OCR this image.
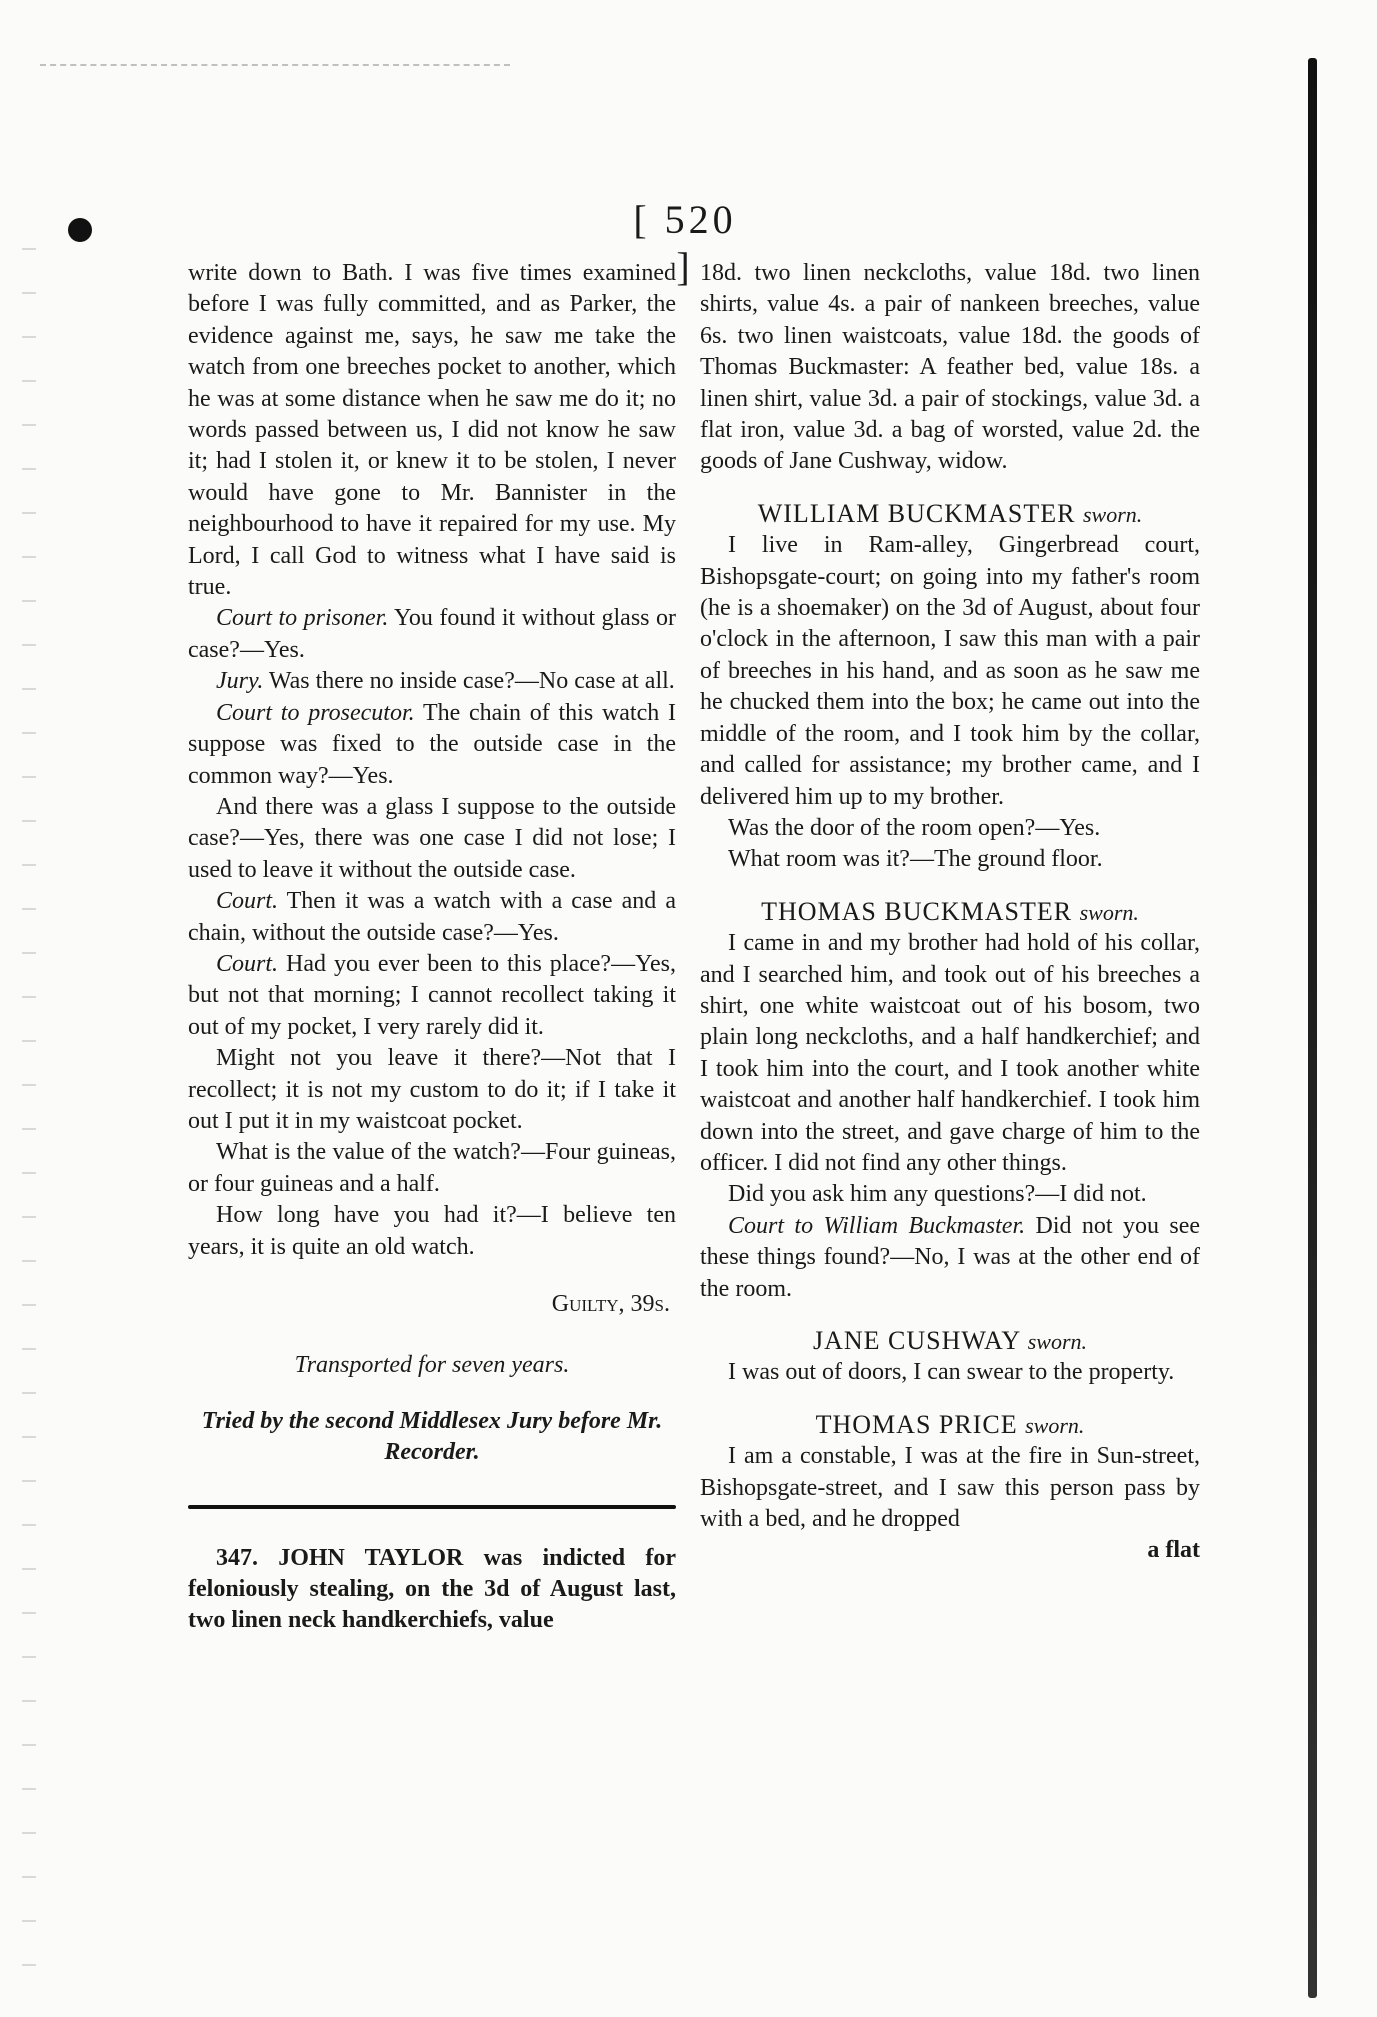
[ 520 ]

write down to Bath. I was five times examined before I was fully committed, and as Parker, the evidence against me, says, he saw me take the watch from one breeches pocket to another, which he was at some distance when he saw me do it; no words passed between us, I did not know he saw it; had I stolen it, or knew it to be stolen, I never would have gone to Mr. Bannister in the neighbourhood to have it repaired for my use. My Lord, I call God to witness what I have said is true.

Court to prisoner. You found it without glass or case?—Yes.

Jury. Was there no inside case?—No case at all.

Court to prosecutor. The chain of this watch I suppose was fixed to the outside case in the common way?—Yes.

And there was a glass I suppose to the outside case?—Yes, there was one case I did not lose; I used to leave it without the outside case.

Court. Then it was a watch with a case and a chain, without the outside case?—Yes.

Court. Had you ever been to this place?—Yes, but not that morning; I cannot recollect taking it out of my pocket, I very rarely did it.

Might not you leave it there?—Not that I recollect; it is not my custom to do it; if I take it out I put it in my waistcoat pocket.

What is the value of the watch?—Four guineas, or four guineas and a half.

How long have you had it?—I believe ten years, it is quite an old watch.

Guilty, 39s.

Transported for seven years.

Tried by the second Middlesex Jury before Mr. Recorder.

347. JOHN TAYLOR was indicted for feloniously stealing, on the 3d of August last, two linen neck handkerchiefs, value

18d. two linen neckcloths, value 18d. two linen shirts, value 4s. a pair of nankeen breeches, value 6s. two linen waistcoats, value 18d. the goods of Thomas Buckmaster: A feather bed, value 18s. a linen shirt, value 3d. a pair of stockings, value 3d. a flat iron, value 3d. a bag of worsted, value 2d. the goods of Jane Cushway, widow.

WILLIAM BUCKMASTER sworn.

I live in Ram-alley, Gingerbread court, Bishopsgate-court; on going into my father's room (he is a shoemaker) on the 3d of August, about four o'clock in the afternoon, I saw this man with a pair of breeches in his hand, and as soon as he saw me he chucked them into the box; he came out into the middle of the room, and I took him by the collar, and called for assistance; my brother came, and I delivered him up to my brother.

Was the door of the room open?—Yes.

What room was it?—The ground floor.

THOMAS BUCKMASTER sworn.

I came in and my brother had hold of his collar, and I searched him, and took out of his breeches a shirt, one white waistcoat out of his bosom, two plain long neckcloths, and a half handkerchief; and I took him into the court, and I took another white waistcoat and another half handkerchief. I took him down into the street, and gave charge of him to the officer. I did not find any other things.

Did you ask him any questions?—I did not.

Court to William Buckmaster. Did not you see these things found?—No, I was at the other end of the room.

JANE CUSHWAY sworn.

I was out of doors, I can swear to the property.

THOMAS PRICE sworn.

I am a constable, I was at the fire in Sun-street, Bishopsgate-street, and I saw this person pass by with a bed, and he dropped

a flat
